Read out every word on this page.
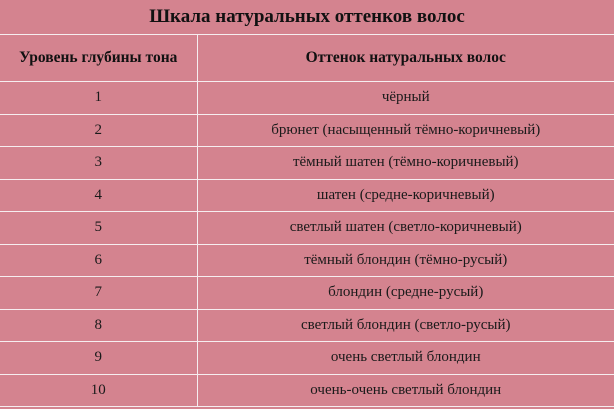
Шкала натуральных оттенков волос
Уровень глубины тона	Оттенок натуральных волос
1	чёрный
2	брюнет (насыщенный тёмно-коричневый)
3	тёмный шатен (тёмно-коричневый)
4	шатен (средне-коричневый)
5	светлый шатен (светло-коричневый)
6	тёмный блондин (тёмно-русый)
7	блондин (средне-русый)
8	светлый блондин (светло-русый)
9	очень светлый блондин
10	очень-очень светлый блондин
